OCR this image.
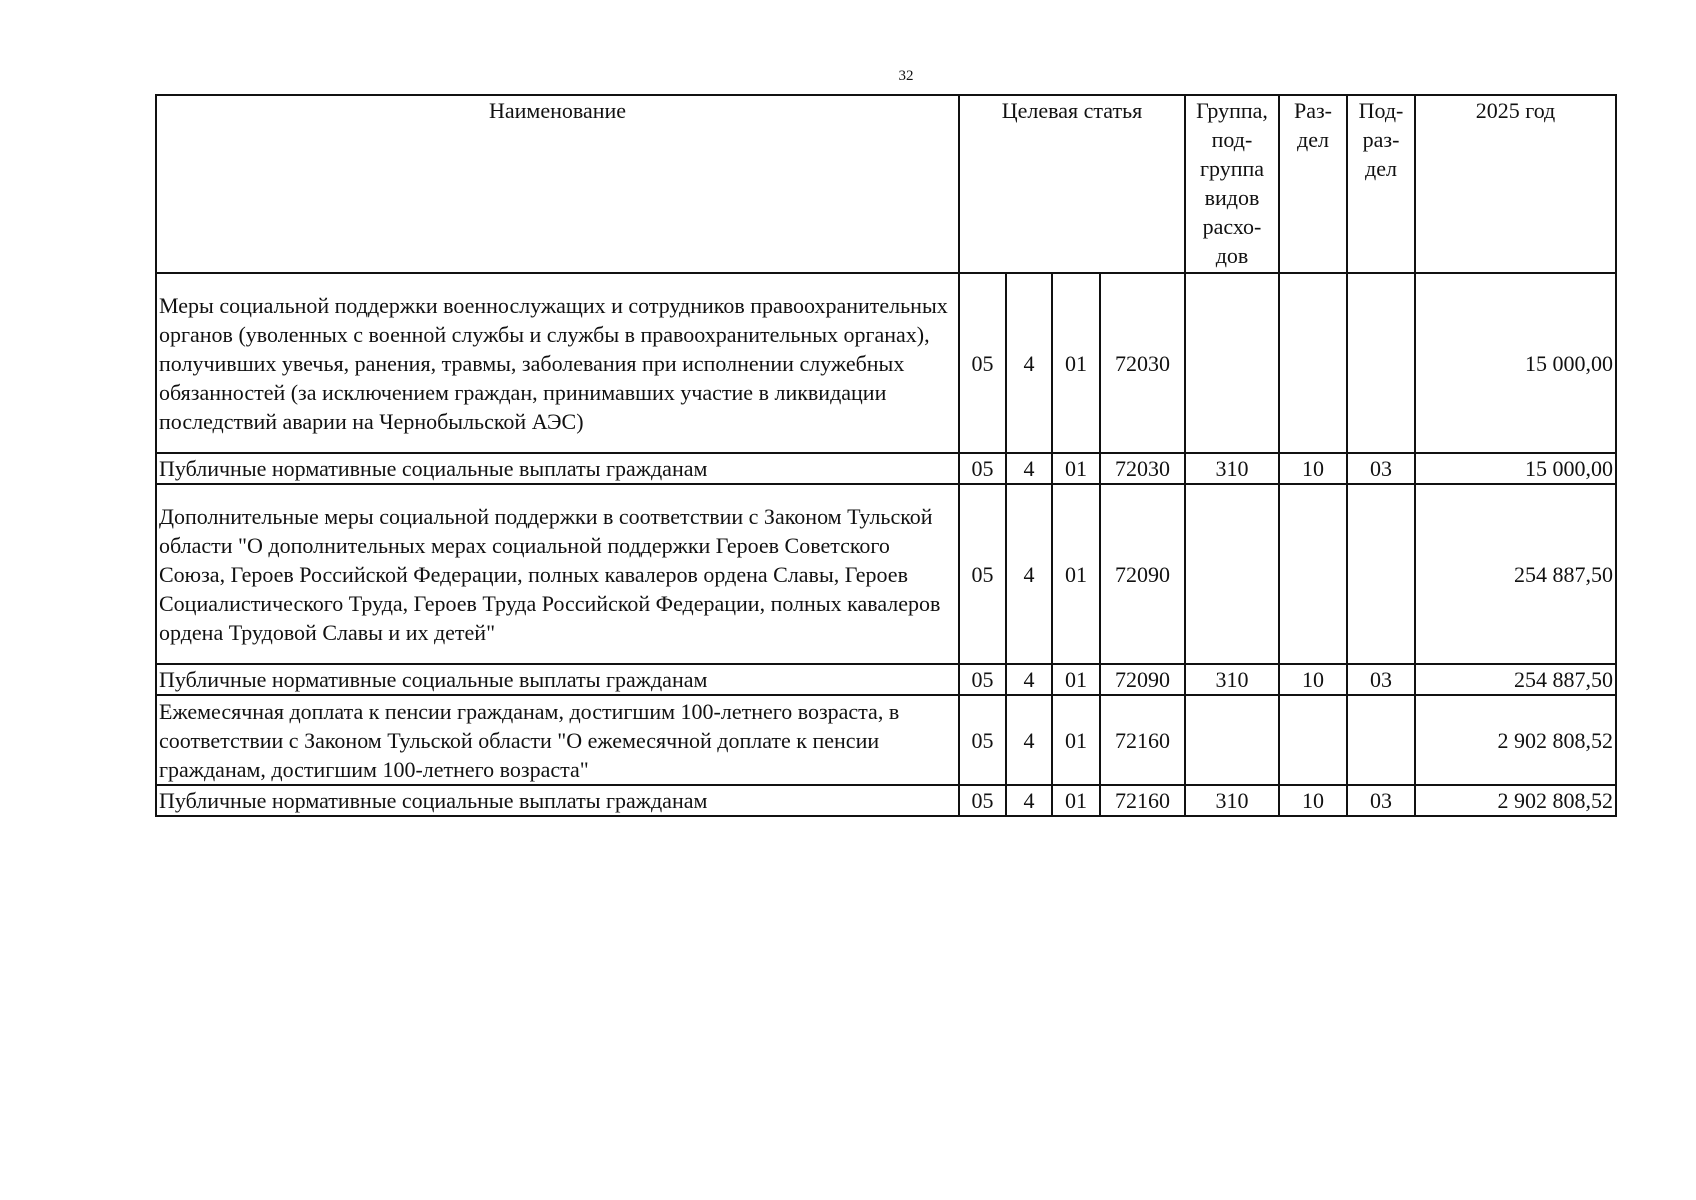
32
Наименование	Целевая статья				Группа, под-группа видов расхо-дов	Раз-дел	Под-раз-дел	2025 год
Меры социальной поддержки военнослужащих и сотрудников правоохранительных органов (уволенных с военной службы и службы в правоохранительных органах), получивших увечья, ранения, травмы, заболевания при исполнении служебных обязанностей (за исключением граждан, принимавших участие в ликвидации последствий аварии на Чернобыльской АЭС)	05	4	01	72030				15 000,00
Публичные нормативные социальные выплаты гражданам	05	4	01	72030	310	10	03	15 000,00
Дополнительные меры социальной поддержки в соответствии с Законом Тульской области "О дополнительных мерах социальной поддержки Героев Советского Союза, Героев Российской Федерации, полных кавалеров ордена Славы, Героев Социалистического Труда, Героев Труда Российской Федерации, полных кавалеров ордена Трудовой Славы и их детей"	05	4	01	72090				254 887,50
Публичные нормативные социальные выплаты гражданам	05	4	01	72090	310	10	03	254 887,50
Ежемесячная доплата к пенсии гражданам, достигшим 100-летнего возраста, в соответствии с Законом Тульской области "О ежемесячной доплате к пенсии гражданам, достигшим 100-летнего возраста"	05	4	01	72160				2 902 808,52
Публичные нормативные социальные выплаты гражданам	05	4	01	72160	310	10	03	2 902 808,52
